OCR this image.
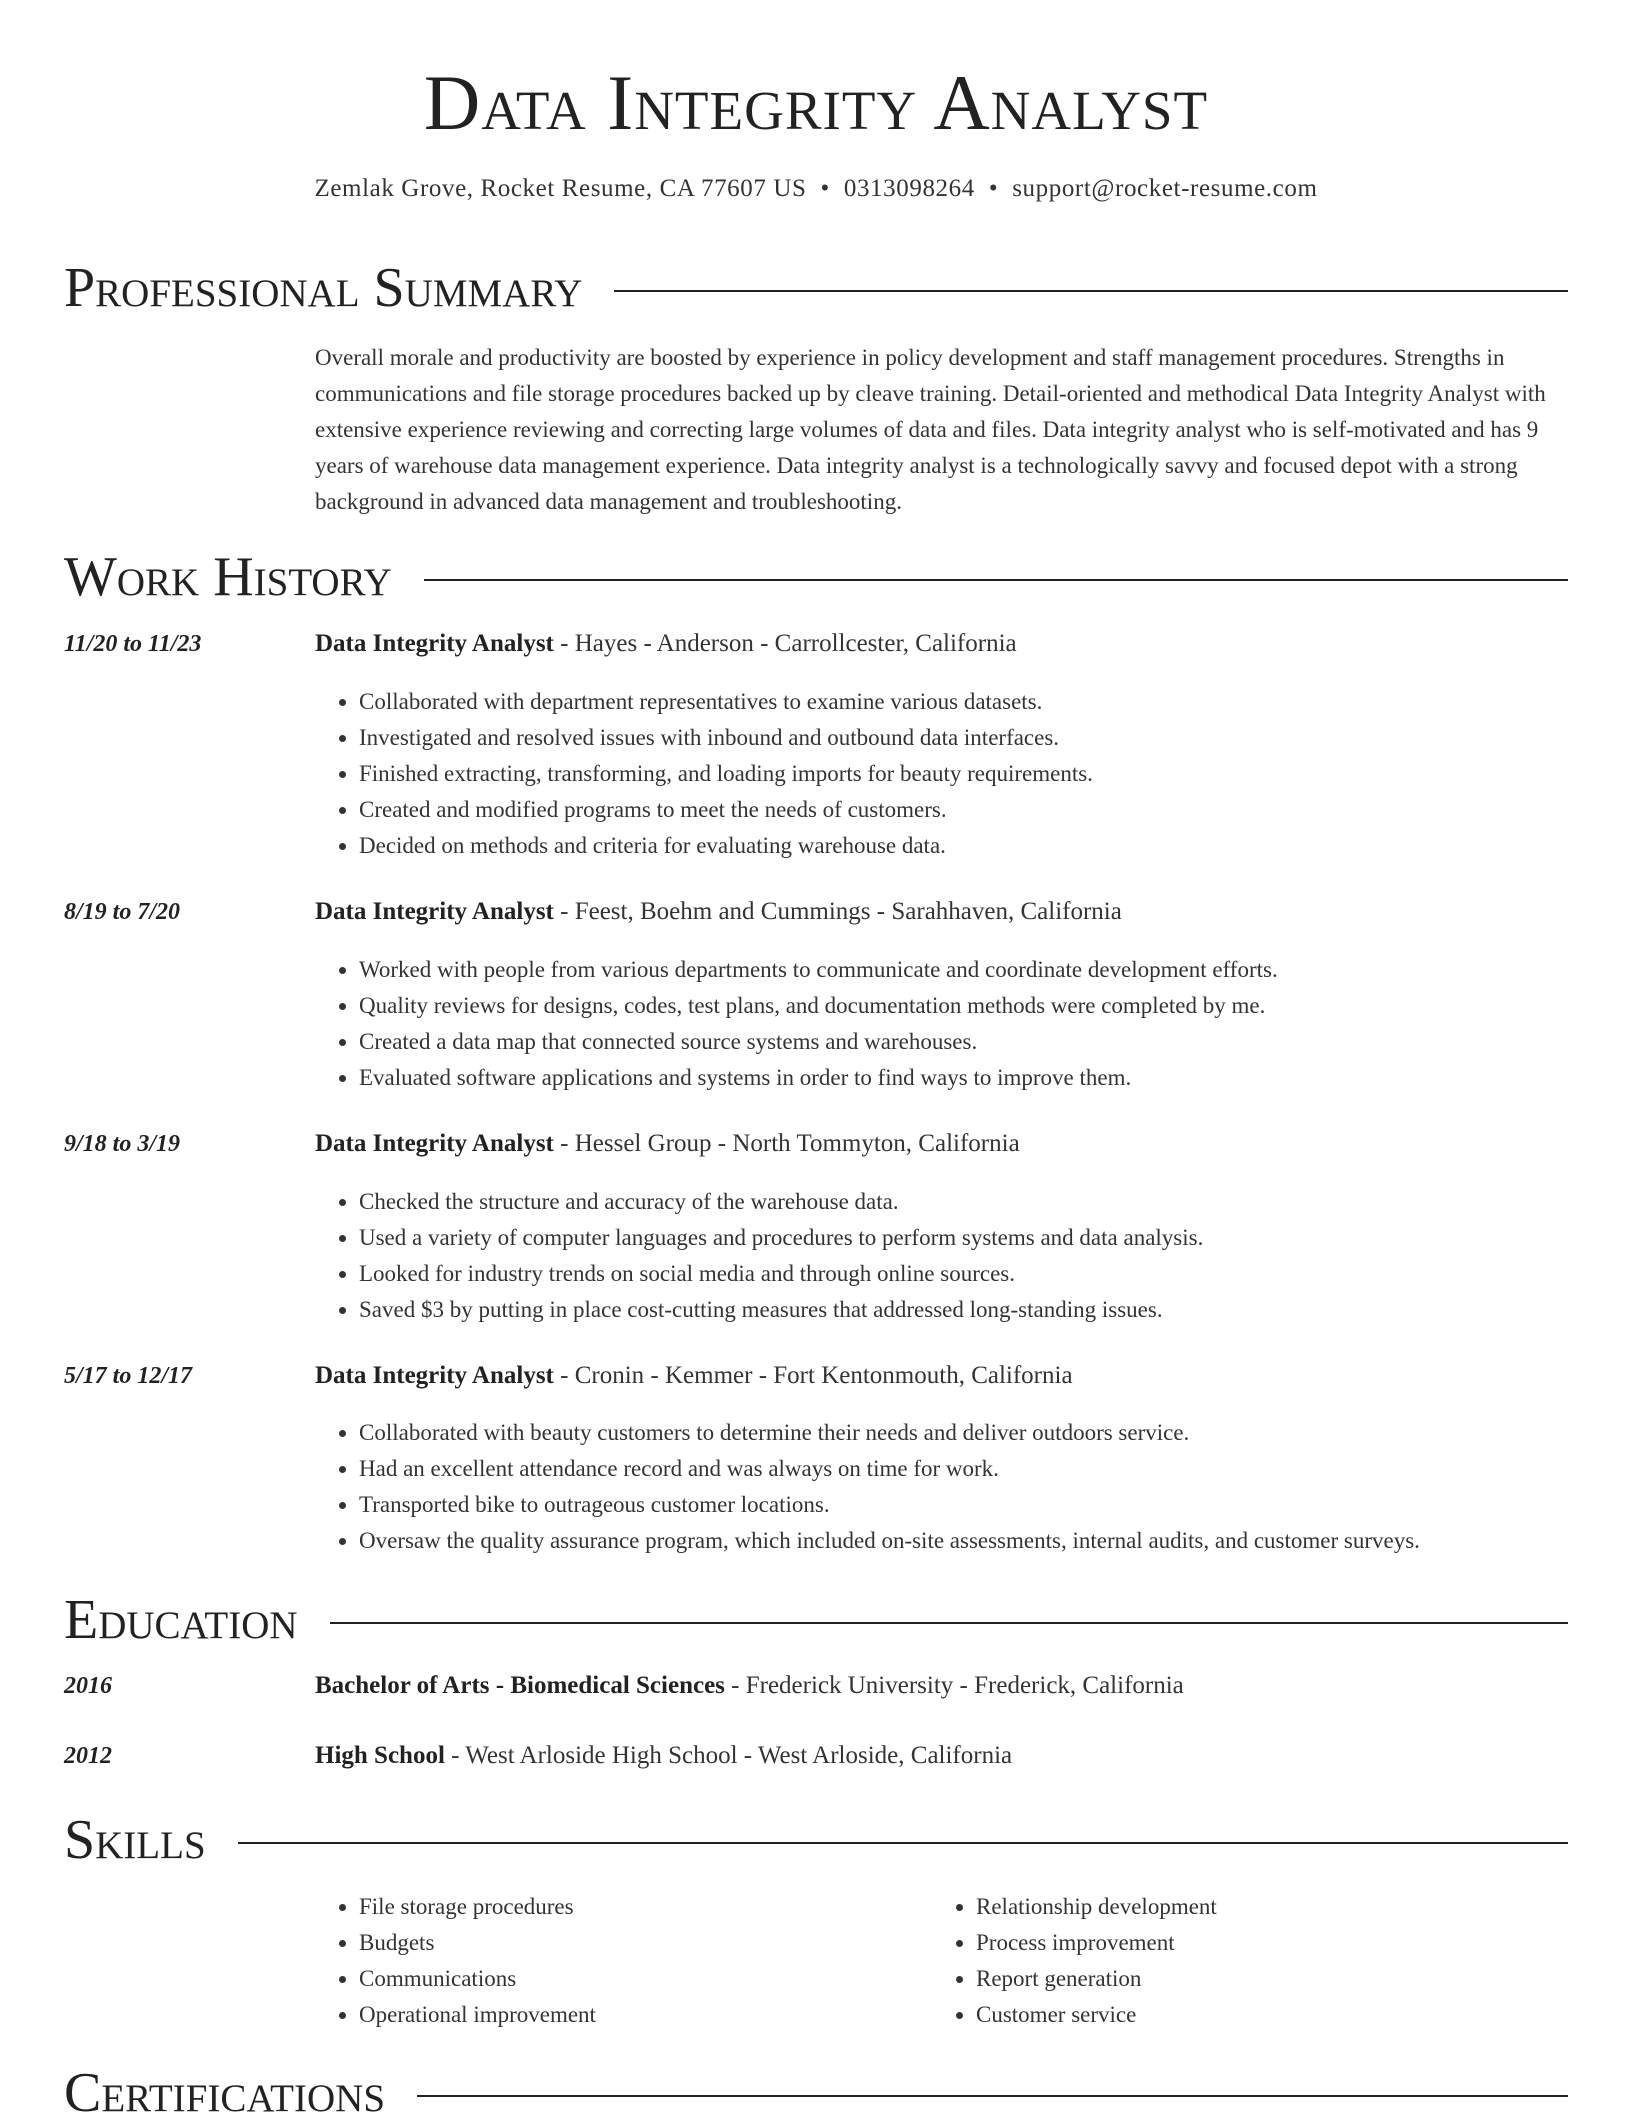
Data Integrity Analyst
Zemlak Grove, Rocket Resume, CA 77607 US • 0313098264 • support@rocket-resume.com
Professional Summary

Overall morale and productivity are boosted by experience in policy development and staff management procedures. Strengths in communications and file storage procedures backed up by cleave training. Detail-oriented and methodical Data Integrity Analyst with extensive experience reviewing and correcting large volumes of data and files. Data integrity analyst who is self-motivated and has 9 years of warehouse data management experience. Data integrity analyst is a technologically savvy and focused depot with a strong background in advanced data management and troubleshooting.

Work History
11/20 to 11/23	Data Integrity Analyst - Hayes - Anderson - Carrollcester, California
• Collaborated with department representatives to examine various datasets.
• Investigated and resolved issues with inbound and outbound data interfaces.
• Finished extracting, transforming, and loading imports for beauty requirements.
• Created and modified programs to meet the needs of customers.
• Decided on methods and criteria for evaluating warehouse data.
8/19 to 7/20	Data Integrity Analyst - Feest, Boehm and Cummings - Sarahhaven, California
• Worked with people from various departments to communicate and coordinate development efforts.
• Quality reviews for designs, codes, test plans, and documentation methods were completed by me.
• Created a data map that connected source systems and warehouses.
• Evaluated software applications and systems in order to find ways to improve them.
9/18 to 3/19	Data Integrity Analyst - Hessel Group - North Tommyton, California
• Checked the structure and accuracy of the warehouse data.
• Used a variety of computer languages and procedures to perform systems and data analysis.
• Looked for industry trends on social media and through online sources.
• Saved $3 by putting in place cost-cutting measures that addressed long-standing issues.
5/17 to 12/17	Data Integrity Analyst - Cronin - Kemmer - Fort Kentonmouth, California
• Collaborated with beauty customers to determine their needs and deliver outdoors service.
• Had an excellent attendance record and was always on time for work.
• Transported bike to outrageous customer locations.
• Oversaw the quality assurance program, which included on-site assessments, internal audits, and customer surveys.
Education
2016	Bachelor of Arts - Biomedical Sciences - Frederick University - Frederick, California
2012	High School - West Arloside High School - West Arloside, California
Skills
• File storage procedures
• Budgets
• Communications
• Operational improvement
• Relationship development
• Process improvement
• Report generation
• Customer service
Certifications
